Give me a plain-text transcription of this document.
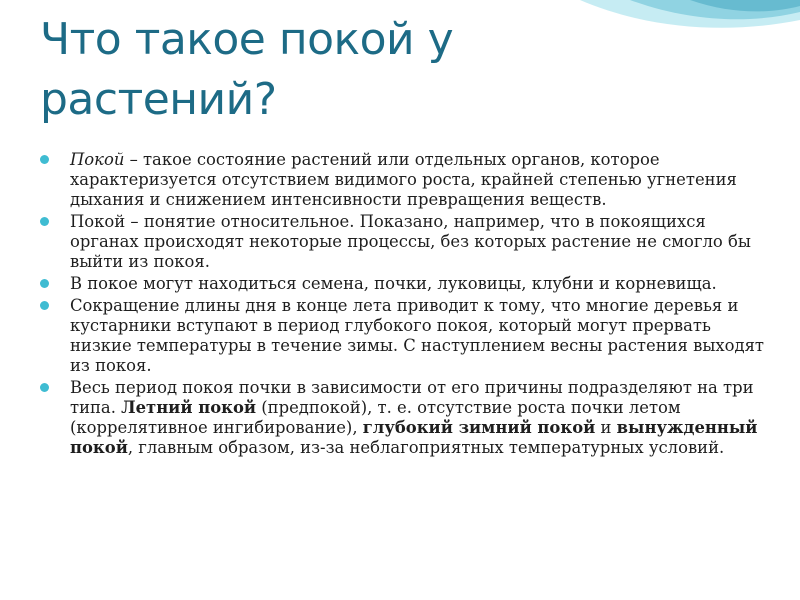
Что такое покой у растений?
Покой – такое состояние растений или отдельных органов, которое характеризуется отсутствием видимого роста, крайней степенью угнетения дыхания и снижением интенсивности превращения веществ.
Покой – понятие относительное. Показано, например, что в покоящихся органах происходят некоторые процессы, без которых растение не смогло бы выйти из покоя.
В покое могут находиться семена, почки, луковицы, клубни и корневища.
Сокращение длины дня в конце лета приводит к тому, что многие деревья и кустарники вступают в период глубокого покоя, который могут прервать низкие температуры в течение зимы. С наступлением весны растения выходят из покоя.
Весь период покоя почки в зависимости от его причины подразделяют на три типа. Летний покой (предпокой), т. е. отсутствие роста почки летом (коррелятивное ингибирование), глубокий зимний покой и вынужденный покой, главным образом, из-за неблагоприятных температурных условий.
